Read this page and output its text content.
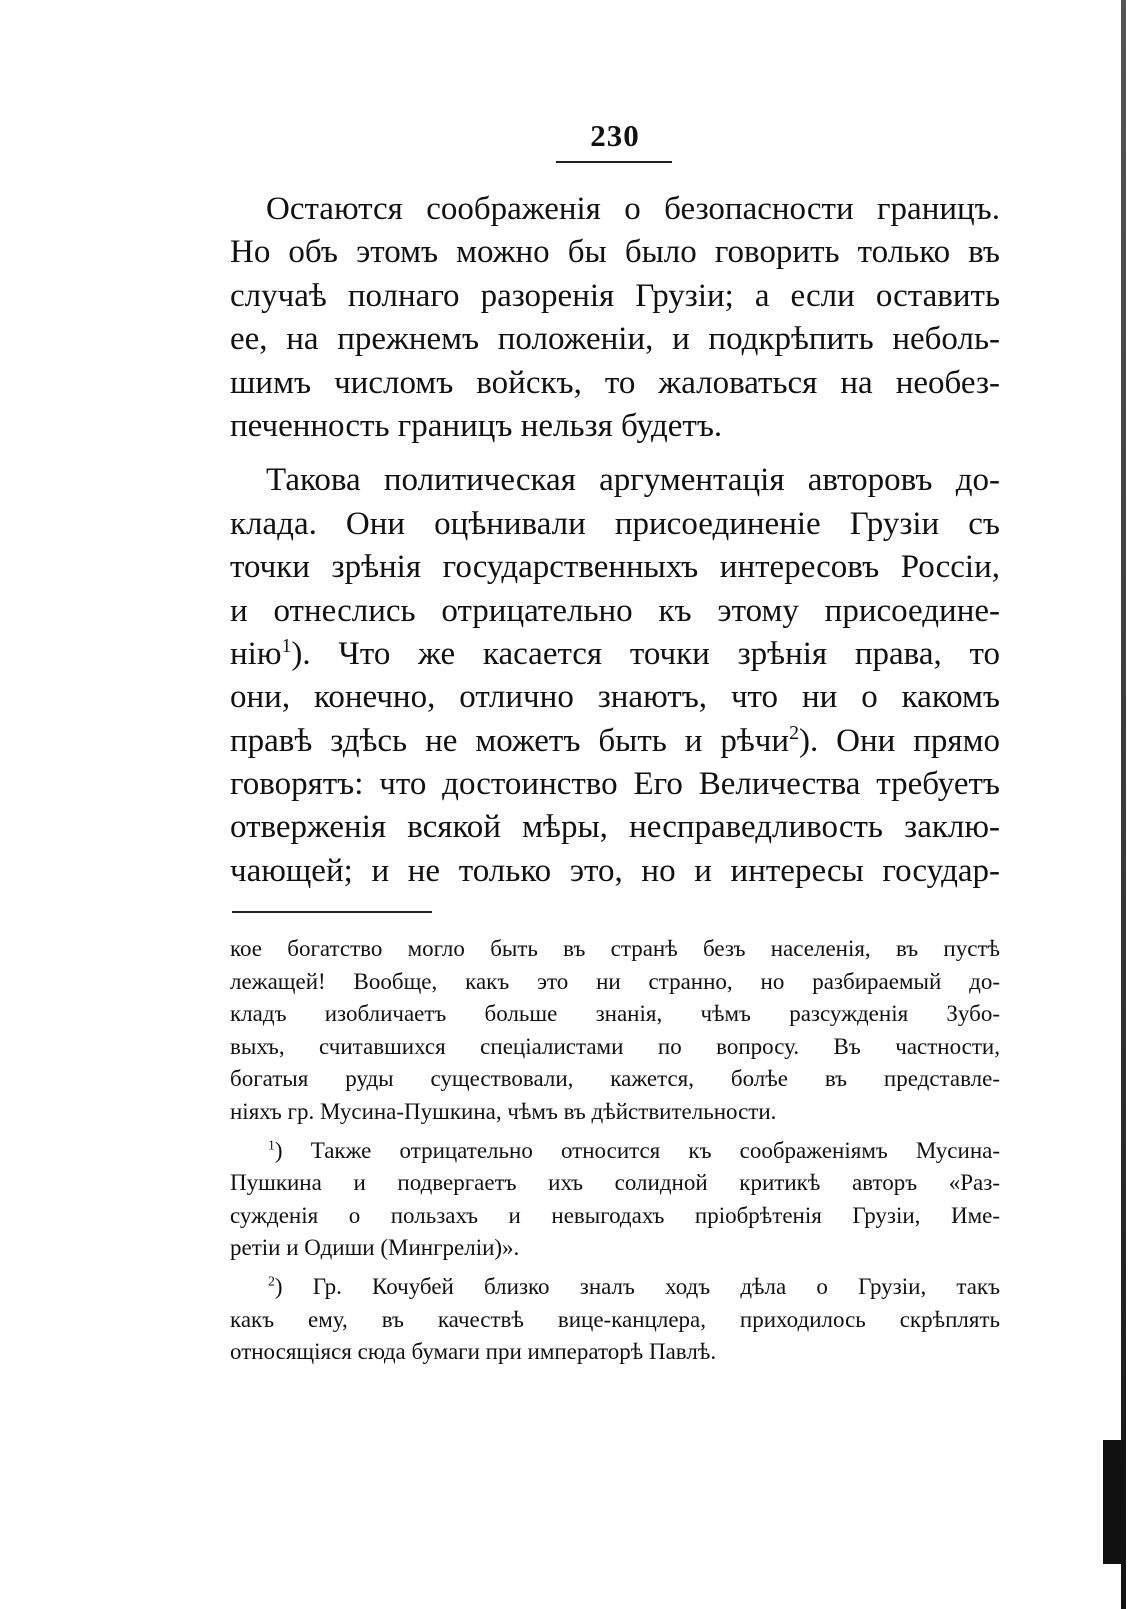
230
Остаются соображенія о безопасности границъ.
Но объ этомъ можно бы было говорить только въ
случаѣ полнаго разоренія Грузіи; а если оставить
ее, на прежнемъ положеніи, и подкрѣпить неболь-
шимъ числомъ войскъ, то жаловаться на необез-
печенность границъ нельзя будетъ.
Такова политическая аргументація авторовъ до-
клада. Они оцѣнивали присоединеніе Грузіи съ
точки зрѣнія государственныхъ интересовъ Россіи,
и отнеслись отрицательно къ этому присоедине-
нію$^1$). Что же касается точки зрѣнія права, то
они, конечно, отлично знаютъ, что ни о какомъ
правѣ здѣсь не можетъ быть и рѣчи$^2$). Они прямо
говорятъ: что достоинство Его Величества требуетъ
отверженія всякой мѣры, несправедливость заклю-
чающей; и не только это, но и интересы государ-
кое богатство могло быть въ странѣ безъ населенія, въ пустѣ
лежащей! Вообще, какъ это ни странно, но разбираемый до-
кладъ изобличаетъ больше знанія, чѣмъ разсужденія Зубо-
выхъ, считавшихся спеціалистами по вопросу. Въ частности,
богатыя руды существовали, кажется, болѣе въ представле-
ніяхъ гр. Мусина-Пушкина, чѣмъ въ дѣйствительности.
$^1$) Также отрицательно относится къ соображеніямъ Мусина-
Пушкина и подвергаетъ ихъ солидной критикѣ авторъ «Раз-
сужденія о пользахъ и невыгодахъ пріобрѣтенія Грузіи, Име-
ретіи и Одиши (Мингреліи)».
$^2$) Гр. Кочубей близко зналъ ходъ дѣла о Грузіи, такъ
какъ ему, въ качествѣ вице-канцлера, приходилось скрѣплять
относящіяся сюда бумаги при императорѣ Павлѣ.
